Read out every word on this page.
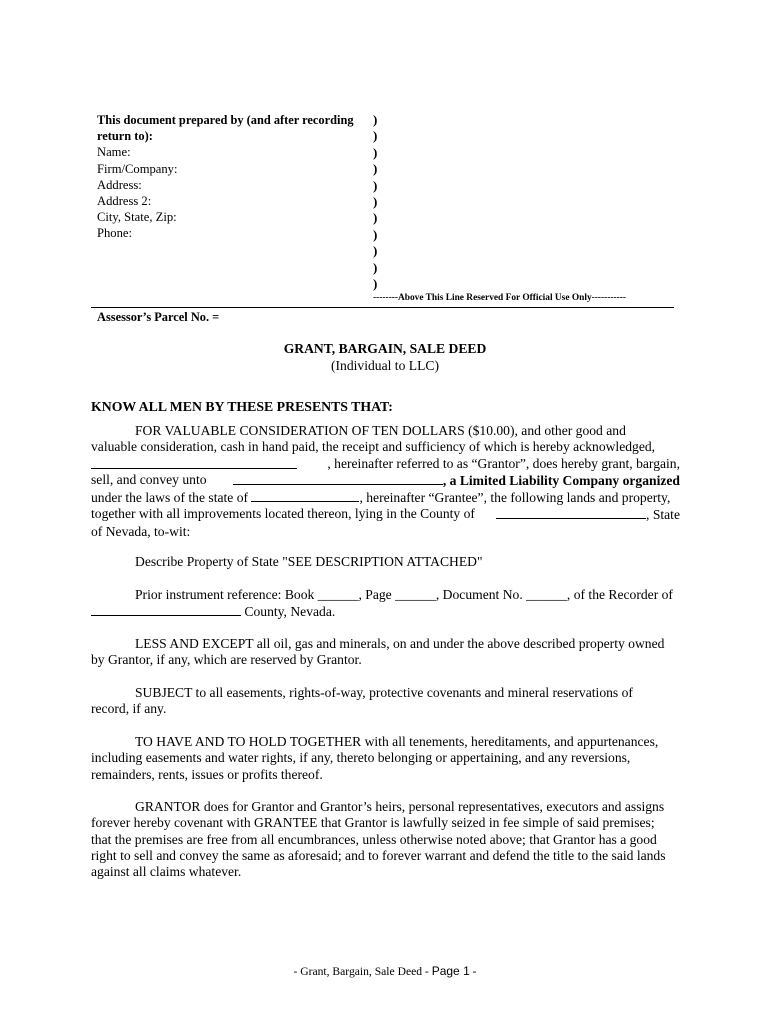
This document prepared by (and after recording
return to):
Name:
Firm/Company:
Address:
Address 2:
City, State, Zip:
Phone:
)
)
)
)
)
)
)
)
)
)
)
--------Above This Line Reserved For Official Use Only-----------
Assessor’s Parcel No. =
GRANT, BARGAIN, SALE DEED
(Individual to LLC)
KNOW ALL MEN BY THESE PRESENTS THAT:
FOR VALUABLE CONSIDERATION OF TEN DOLLARS ($10.00), and other good and
valuable consideration, cash in hand paid, the receipt and sufficiency of which is hereby acknowledged,
, hereinafter referred to as “Grantor”, does hereby grant, bargain,
sell, and convey unto	, a Limited Liability Company organized
under the laws of the state of	, hereinafter “Grantee”, the following lands and property,
together with all improvements located thereon, lying in the County of	, State
of Nevada, to-wit:
Describe Property of State "SEE DESCRIPTION ATTACHED"
Prior instrument reference: Book ______, Page ______, Document No. ______, of the Recorder of
County, Nevada.
LESS AND EXCEPT all oil, gas and minerals, on and under the above described property owned
by Grantor, if any, which are reserved by Grantor.
SUBJECT to all easements, rights-of-way, protective covenants and mineral reservations of
record, if any.
TO HAVE AND TO HOLD TOGETHER with all tenements, hereditaments, and appurtenances,
including easements and water rights, if any, thereto belonging or appertaining, and any reversions,
remainders, rents, issues or profits thereof.
GRANTOR does for Grantor and Grantor’s heirs, personal representatives, executors and assigns
forever hereby covenant with GRANTEE that Grantor is lawfully seized in fee simple of said premises;
that the premises are free from all encumbrances, unless otherwise noted above; that Grantor has a good
right to sell and convey the same as aforesaid; and to forever warrant and defend the title to the said lands
against all claims whatever.
- Grant, Bargain, Sale Deed - Page 1 -
